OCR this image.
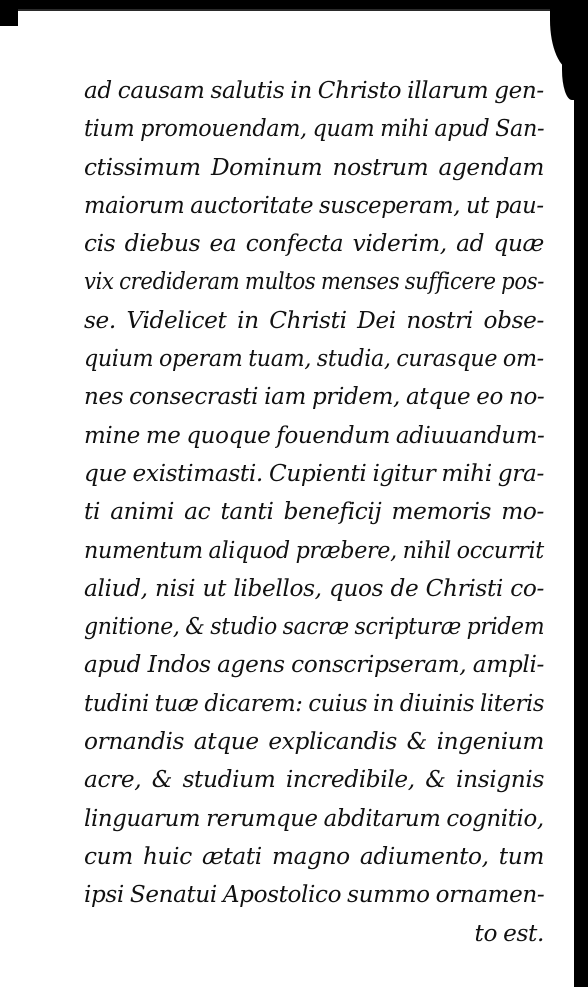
ad causam salutis in Christo illarum gen-
tium promouendam, quam mihi apud San-
ctissimum Dominum nostrum agendam
maiorum auctoritate susceperam, ut pau-
cis diebus ea confecta viderim, ad quæ
vix credideram multos menses sufficere pos-
se. Videlicet in Christi Dei nostri obse-
quium operam tuam, studia, curasque om-
nes consecrasti iam pridem, atque eo no-
mine me quoque fouendum adiuuandum-
que existimasti. Cupienti igitur mihi gra-
ti animi ac tanti beneficij memoris mo-
numentum aliquod præbere, nihil occurrit
aliud, nisi ut libellos, quos de Christi co-
gnitione, & studio sacræ scripturæ pridem
apud Indos agens conscripseram, ampli-
tudini tuæ dicarem: cuius in diuinis literis
ornandis atque explicandis & ingenium
acre, & studium incredibile, & insignis
linguarum rerumque abditarum cognitio,
cum huic ætati magno adiumento, tum
ipsi Senatui Apostolico summo ornamen-
to est.
